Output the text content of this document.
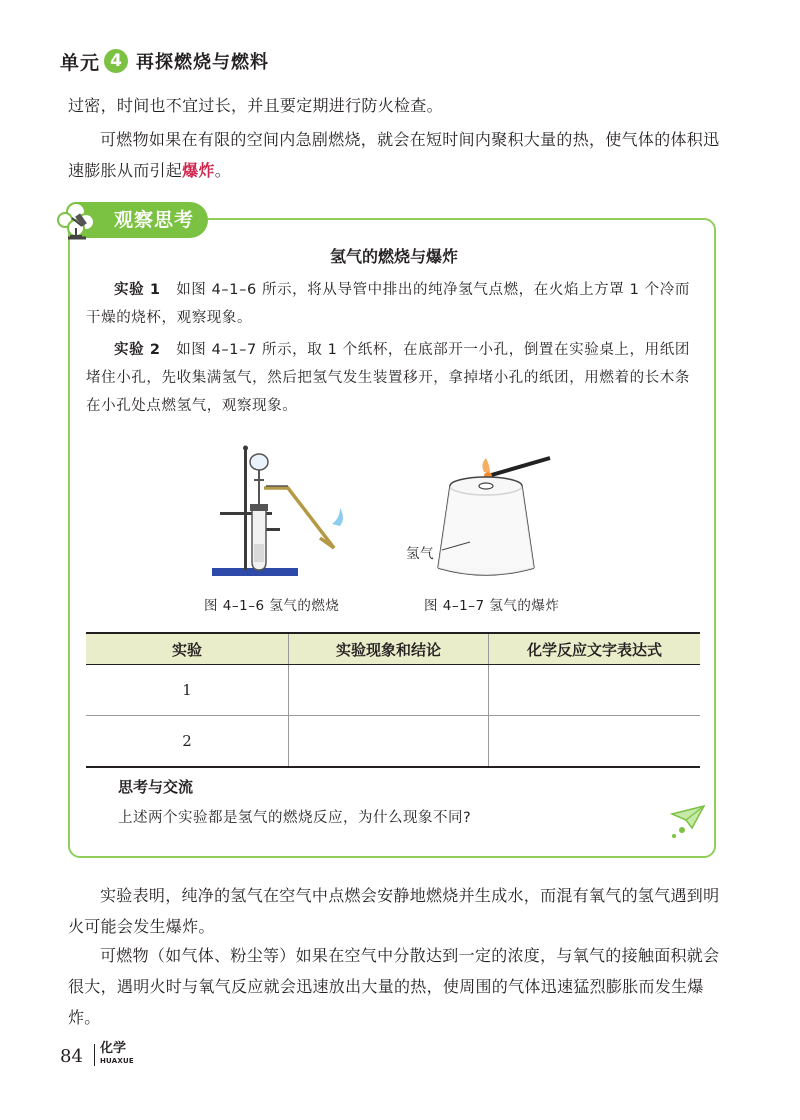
单元 4 再探燃烧与燃料
过密，时间也不宜过长，并且要定期进行防火检查。
可燃物如果在有限的空间内急剧燃烧，就会在短时间内聚积大量的热，使气体的体积迅速膨胀从而引起爆炸。
观察思考
氢气的燃烧与爆炸
实验 1 如图 4–1–6 所示，将从导管中排出的纯净氢气点燃，在火焰上方罩 1 个冷而干燥的烧杯，观察现象。
实验 2 如图 4–1–7 所示，取 1 个纸杯，在底部开一小孔，倒置在实验桌上，用纸团堵住小孔，先收集满氢气，然后把氢气发生装置移开，拿掉堵小孔的纸团，用燃着的长木条在小孔处点燃氢气，观察现象。
氢气
图 4–1–6 氢气的燃烧	图 4–1–7 氢气的爆炸
实验	实验现象和结论	化学反应文字表达式
1		
2		
思考与交流
上述两个实验都是氢气的燃烧反应，为什么现象不同?
实验表明，纯净的氢气在空气中点燃会安静地燃烧并生成水，而混有氧气的氢气遇到明火可能会发生爆炸。
可燃物（如气体、粉尘等）如果在空气中分散达到一定的浓度，与氧气的接触面积就会很大，遇明火时与氧气反应就会迅速放出大量的热，使周围的气体迅速猛烈膨胀而发生爆炸。
84 化学
HUAXUE
